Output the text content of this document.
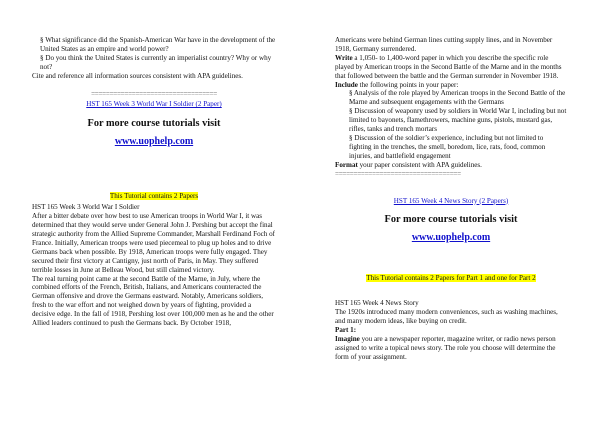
§ What significance did the Spanish-American War have in the development of the United States as an empire and world power?

§ Do you think the United States is currently an imperialist country? Why or why not?

Cite and reference all information sources consistent with APA guidelines.

==================================

HST 165 Week 3 World War I Soldier (2 Paper)

For more course tutorials visit

www.uophelp.com

This Tutorial contains 2 Papers

HST 165 Week 3 World War I Soldier

After a bitter debate over how best to use American troops in World War I, it was determined that they would serve under General John J. Pershing but accept the final strategic authority from the Allied Supreme Commander, Marshall Ferdinand Foch of France. Initially, American troops were used piecemeal to plug up holes and to drive Germans back when possible. By 1918, American troops were fully engaged. They secured their first victory at Cantigny, just north of Paris, in May. They suffered terrible losses in June at Belleau Wood, but still claimed victory.

The real turning point came at the second Battle of the Marne, in July, where the combined efforts of the French, British, Italians, and Americans counteracted the German offensive and drove the Germans eastward. Notably, Americans soldiers, fresh to the war effort and not weighed down by years of fighting, provided a decisive edge. In the fall of 1918, Pershing lost over 100,000 men as he and the other Allied leaders continued to push the Germans back. By October 1918,

Americans were behind German lines cutting supply lines, and in November 1918, Germany surrendered.

Write a 1,050- to 1,400-word paper in which you describe the specific role played by American troops in the Second Battle of the Marne and in the months that followed between the battle and the German surrender in November 1918.

Include the following points in your paper:

§ Analysis of the role played by American troops in the Second Battle of the Marne and subsequent engagements with the Germans

§ Discussion of weaponry used by soldiers in World War I, including but not limited to bayonets, flamethrowers, machine guns, pistols, mustard gas, rifles, tanks and trench mortars

§ Discussion of the soldier’s experience, including but not limited to fighting in the trenches, the smell, boredom, lice, rats, food, common injuries, and battlefield engagement

Format your paper consistent with APA guidelines.

==================================

HST 165 Week 4 News Story (2 Papers)

For more course tutorials visit

www.uophelp.com

This Tutorial contains 2 Papers for Part 1 and one for Part 2

HST 165 Week 4 News Story

The 1920s introduced many modern conveniences, such as washing machines, and many modern ideas, like buying on credit.

Part 1:

Imagine you are a newspaper reporter, magazine writer, or radio news person assigned to write a topical news story. The role you choose will determine the form of your assignment.
